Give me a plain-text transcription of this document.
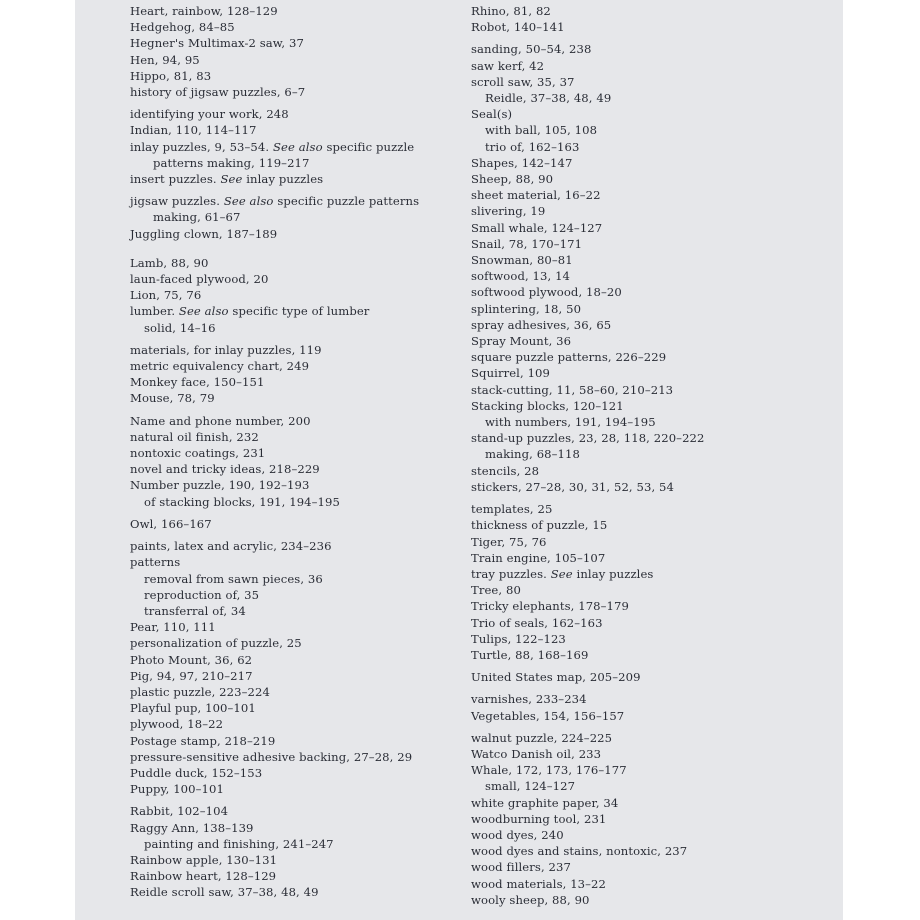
Heart, rainbow, 128–129
Hedgehog, 84–85
Hegner's Multimax-2 saw, 37
Hen, 94, 95
Hippo, 81, 83
history of jigsaw puzzles, 6–7
identifying your work, 248
Indian, 110, 114–117
inlay puzzles, 9, 53–54. See also specific puzzle
patterns making, 119–217
insert puzzles. See inlay puzzles
jigsaw puzzles. See also specific puzzle patterns
making, 61–67
Juggling clown, 187–189
Lamb, 88, 90
laun-faced plywood, 20
Lion, 75, 76
lumber. See also specific type of lumber
solid, 14–16
materials, for inlay puzzles, 119
metric equivalency chart, 249
Monkey face, 150–151
Mouse, 78, 79
Name and phone number, 200
natural oil finish, 232
nontoxic coatings, 231
novel and tricky ideas, 218–229
Number puzzle, 190, 192–193
of stacking blocks, 191, 194–195
Owl, 166–167
paints, latex and acrylic, 234–236
patterns
removal from sawn pieces, 36
reproduction of, 35
transferral of, 34
Pear, 110, 111
personalization of puzzle, 25
Photo Mount, 36, 62
Pig, 94, 97, 210–217
plastic puzzle, 223–224
Playful pup, 100–101
plywood, 18–22
Postage stamp, 218–219
pressure-sensitive adhesive backing, 27–28, 29
Puddle duck, 152–153
Puppy, 100–101
Rabbit, 102–104
Raggy Ann, 138–139
painting and finishing, 241–247
Rainbow apple, 130–131
Rainbow heart, 128–129
Reidle scroll saw, 37–38, 48, 49
Rhino, 81, 82
Robot, 140–141
sanding, 50–54, 238
saw kerf, 42
scroll saw, 35, 37
Reidle, 37–38, 48, 49
Seal(s)
with ball, 105, 108
trio of, 162–163
Shapes, 142–147
Sheep, 88, 90
sheet material, 16–22
slivering, 19
Small whale, 124–127
Snail, 78, 170–171
Snowman, 80–81
softwood, 13, 14
softwood plywood, 18–20
splintering, 18, 50
spray adhesives, 36, 65
Spray Mount, 36
square puzzle patterns, 226–229
Squirrel, 109
stack-cutting, 11, 58–60, 210–213
Stacking blocks, 120–121
with numbers, 191, 194–195
stand-up puzzles, 23, 28, 118, 220–222
making, 68–118
stencils, 28
stickers, 27–28, 30, 31, 52, 53, 54
templates, 25
thickness of puzzle, 15
Tiger, 75, 76
Train engine, 105–107
tray puzzles. See inlay puzzles
Tree, 80
Tricky elephants, 178–179
Trio of seals, 162–163
Tulips, 122–123
Turtle, 88, 168–169
United States map, 205–209
varnishes, 233–234
Vegetables, 154, 156–157
walnut puzzle, 224–225
Watco Danish oil, 233
Whale, 172, 173, 176–177
small, 124–127
white graphite paper, 34
woodburning tool, 231
wood dyes, 240
wood dyes and stains, nontoxic, 237
wood fillers, 237
wood materials, 13–22
wooly sheep, 88, 90
